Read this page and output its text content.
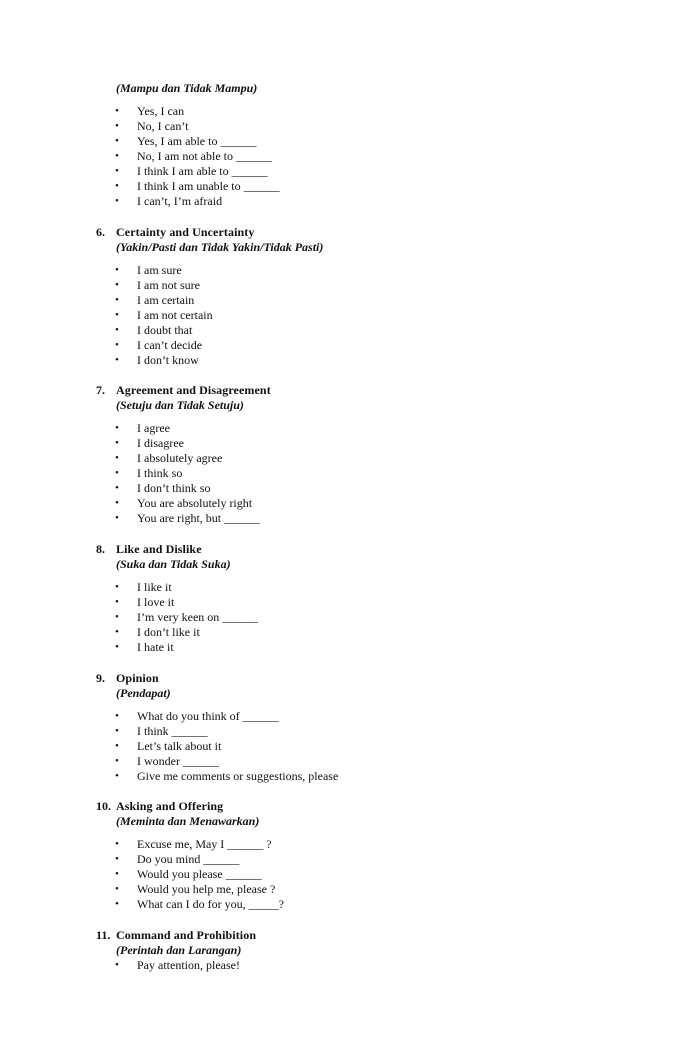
(Mampu dan Tidak Mampu)
• Yes, I can
• No, I can’t
• Yes, I am able to ______
• No, I am not able to ______
• I think I am able to ______
• I think I am unable to ______
• I can’t, I’m afraid
6. Certainty and Uncertainty
(Yakin/Pasti dan Tidak Yakin/Tidak Pasti)
• I am sure
• I am not sure
• I am certain
• I am not certain
• I doubt that
• I can’t decide
• I don’t know
7. Agreement and Disagreement
(Setuju dan Tidak Setuju)
• I agree
• I disagree
• I absolutely agree
• I think so
• I don’t think so
• You are absolutely right
• You are right, but ______
8. Like and Dislike
(Suka dan Tidak Suka)
• I like it
• I love it
• I’m very keen on ______
• I don’t like it
• I hate it
9. Opinion
(Pendapat)
• What do you think of ______
• I think ______
• Let’s talk about it
• I wonder ______
• Give me comments or suggestions, please
10. Asking and Offering
(Meminta dan Menawarkan)
• Excuse me, May I ______ ?
• Do you mind ______
• Would you please ______
• Would you help me, please ?
• What can I do for you, _____?
11. Command and Prohibition
(Perintah dan Larangan)
• Pay attention, please!
